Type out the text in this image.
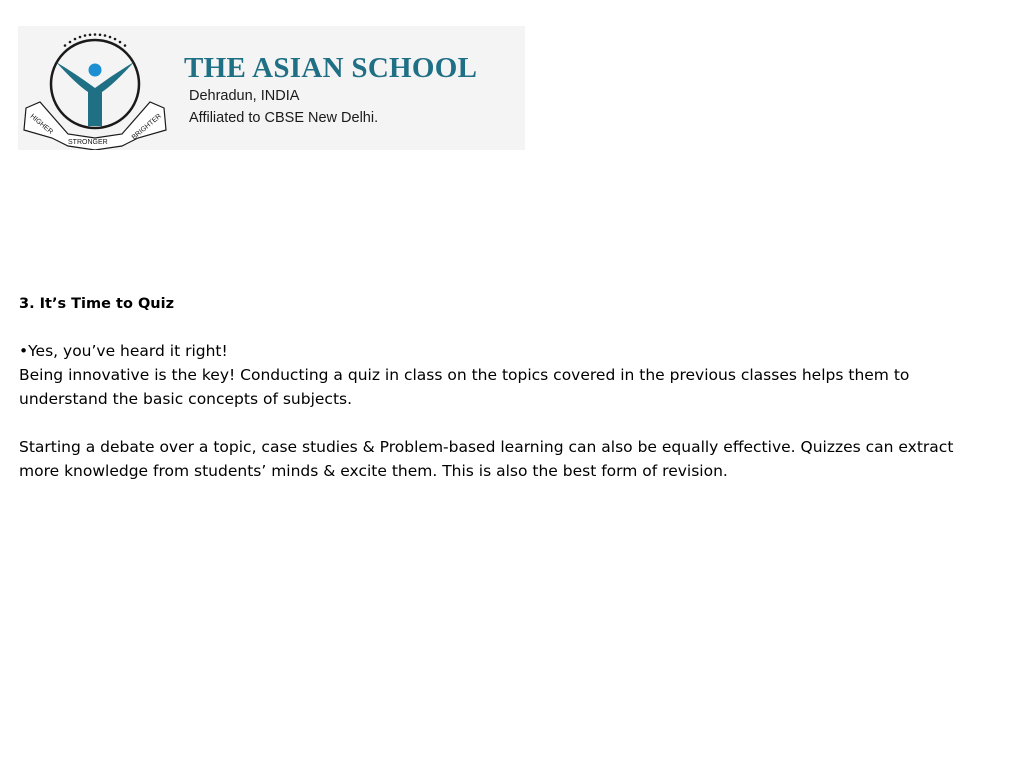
HIGHER
STRONGER
BRIGHTER
THE ASIAN SCHOOL
Dehradun, INDIA
Affiliated to CBSE New Delhi.

3. It’s Time to Quiz

•Yes, you’ve heard it right!

Being innovative is the key! Conducting a quiz in class on the topics covered in the previous classes helps them to understand the basic concepts of subjects.

Starting a debate over a topic, case studies & Problem-based learning can also be equally effective. Quizzes can extract more knowledge from students’ minds & excite them. This is also the best form of revision.
